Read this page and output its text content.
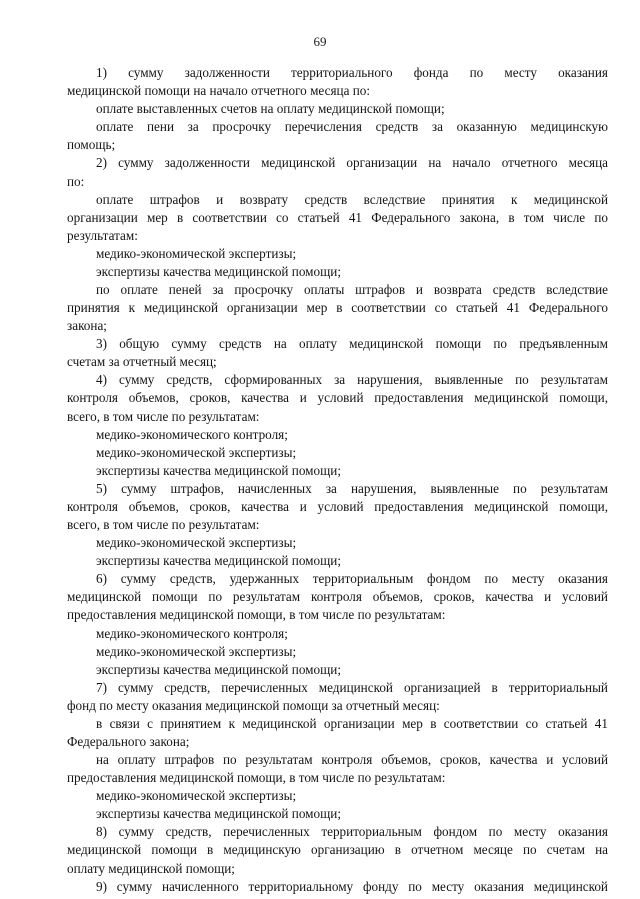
69
1) сумму задолженности территориального фонда по месту оказания
медицинской помощи на начало отчетного месяца по:
оплате выставленных счетов на оплату медицинской помощи;
оплате пени за просрочку перечисления средств за оказанную медицинскую
помощь;
2) сумму задолженности медицинской организации на начало отчетного месяца
по:
оплате штрафов и возврату средств вследствие принятия к медицинской
организации мер в соответствии со статьей 41 Федерального закона, в том числе по
результатам:
медико-экономической экспертизы;
экспертизы качества медицинской помощи;
по оплате пеней за просрочку оплаты штрафов и возврата средств вследствие
принятия к медицинской организации мер в соответствии со статьей 41 Федерального
закона;
3) общую сумму средств на оплату медицинской помощи по предъявленным
счетам за отчетный месяц;
4) сумму средств, сформированных за нарушения, выявленные по результатам
контроля объемов, сроков, качества и условий предоставления медицинской помощи,
всего, в том числе по результатам:
медико-экономического контроля;
медико-экономической экспертизы;
экспертизы качества медицинской помощи;
5) сумму штрафов, начисленных за нарушения, выявленные по результатам
контроля объемов, сроков, качества и условий предоставления медицинской помощи,
всего, в том числе по результатам:
медико-экономической экспертизы;
экспертизы качества медицинской помощи;
6) сумму средств, удержанных территориальным фондом по месту оказания
медицинской помощи по результатам контроля объемов, сроков, качества и условий
предоставления медицинской помощи, в том числе по результатам:
медико-экономического контроля;
медико-экономической экспертизы;
экспертизы качества медицинской помощи;
7) сумму средств, перечисленных медицинской организацией в территориальный
фонд по месту оказания медицинской помощи за отчетный месяц:
в связи с принятием к медицинской организации мер в соответствии со статьей 41
Федерального закона;
на оплату штрафов по результатам контроля объемов, сроков, качества и условий
предоставления медицинской помощи, в том числе по результатам:
медико-экономической экспертизы;
экспертизы качества медицинской помощи;
8) сумму средств, перечисленных территориальным фондом по месту оказания
медицинской помощи в медицинскую организацию в отчетном месяце по счетам на
оплату медицинской помощи;
9) сумму начисленного территориальному фонду по месту оказания медицинской
